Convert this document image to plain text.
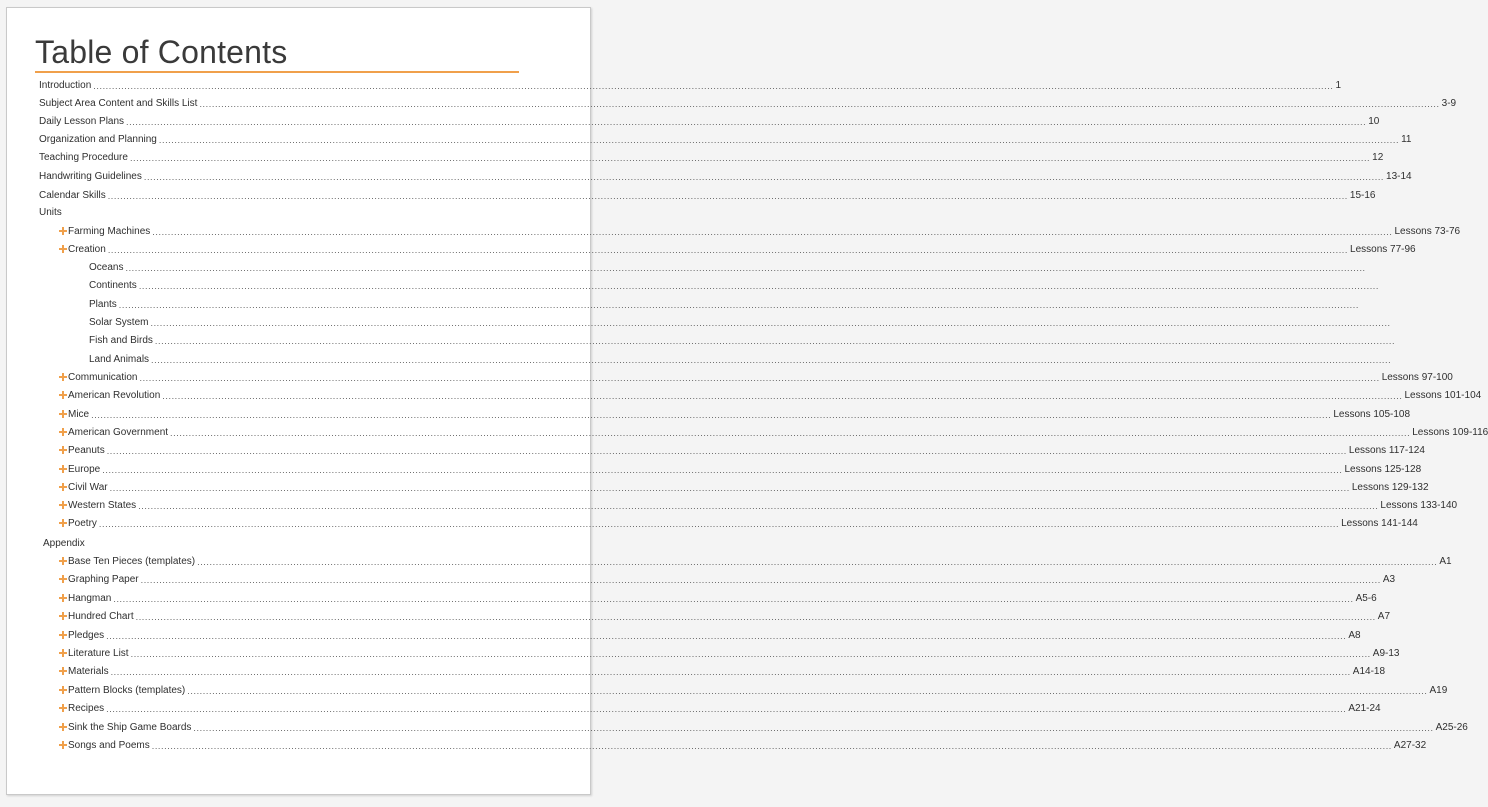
Table of Contents
Introduction ................................................................................................................................................................................................................................................................................................................................................................................................................ 1
Subject Area Content and Skills List ................................................................................................................................................................................................................................................................................................................................................................................................................ 3-9
Daily Lesson Plans ................................................................................................................................................................................................................................................................................................................................................................................................................ 10
Organization and Planning ................................................................................................................................................................................................................................................................................................................................................................................................................ 11
Teaching Procedure ................................................................................................................................................................................................................................................................................................................................................................................................................ 12
Handwriting Guidelines ................................................................................................................................................................................................................................................................................................................................................................................................................ 13-14
Calendar Skills ................................................................................................................................................................................................................................................................................................................................................................................................................ 15-16
Units
Farming Machines ................................................................................................................................................................................................................................................................................................................................................................................................................ Lessons 73-76
Creation ................................................................................................................................................................................................................................................................................................................................................................................................................ Lessons 77-96
Oceans ................................................................................................................................................................................................................................................................................................................................................................................................................
Continents ................................................................................................................................................................................................................................................................................................................................................................................................................
Plants ................................................................................................................................................................................................................................................................................................................................................................................................................
Solar System ................................................................................................................................................................................................................................................................................................................................................................................................................
Fish and Birds ................................................................................................................................................................................................................................................................................................................................................................................................................
Land Animals ................................................................................................................................................................................................................................................................................................................................................................................................................
Communication ................................................................................................................................................................................................................................................................................................................................................................................................................ Lessons 97-100
American Revolution ................................................................................................................................................................................................................................................................................................................................................................................................................ Lessons 101-104
Mice ................................................................................................................................................................................................................................................................................................................................................................................................................ Lessons 105-108
American Government ................................................................................................................................................................................................................................................................................................................................................................................................................ Lessons 109-116
Peanuts ................................................................................................................................................................................................................................................................................................................................................................................................................ Lessons 117-124
Europe ................................................................................................................................................................................................................................................................................................................................................................................................................ Lessons 125-128
Civil War ................................................................................................................................................................................................................................................................................................................................................................................................................ Lessons 129-132
Western States ................................................................................................................................................................................................................................................................................................................................................................................................................ Lessons 133-140
Poetry ................................................................................................................................................................................................................................................................................................................................................................................................................ Lessons 141-144
Appendix
Base Ten Pieces (templates) ................................................................................................................................................................................................................................................................................................................................................................................................................ A1
Graphing Paper ................................................................................................................................................................................................................................................................................................................................................................................................................ A3
Hangman ................................................................................................................................................................................................................................................................................................................................................................................................................ A5-6
Hundred Chart ................................................................................................................................................................................................................................................................................................................................................................................................................ A7
Pledges ................................................................................................................................................................................................................................................................................................................................................................................................................ A8
Literature List ................................................................................................................................................................................................................................................................................................................................................................................................................ A9-13
Materials ................................................................................................................................................................................................................................................................................................................................................................................................................ A14-18
Pattern Blocks (templates) ................................................................................................................................................................................................................................................................................................................................................................................................................ A19
Recipes ................................................................................................................................................................................................................................................................................................................................................................................................................ A21-24
Sink the Ship Game Boards ................................................................................................................................................................................................................................................................................................................................................................................................................ A25-26
Songs and Poems ................................................................................................................................................................................................................................................................................................................................................................................................................ A27-32
